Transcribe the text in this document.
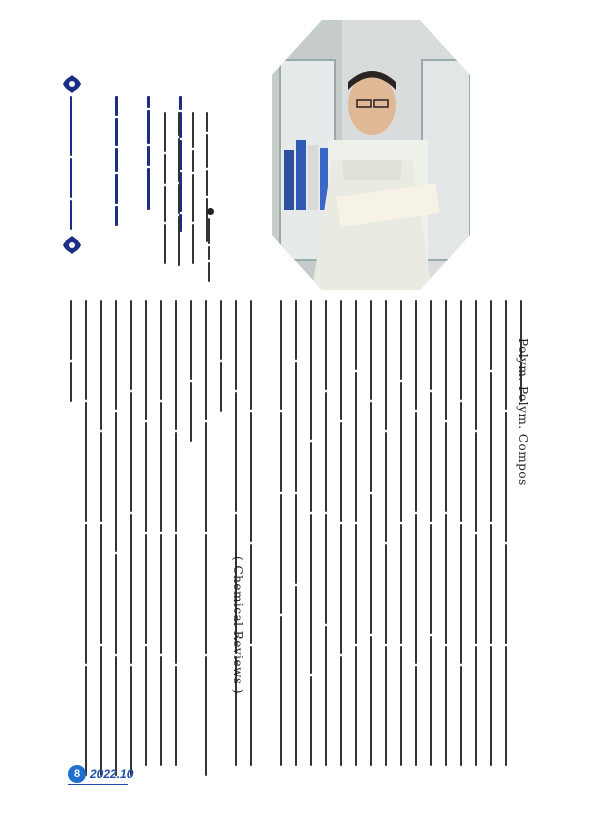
Polym. Polym. Compos
( Chemical Reviews )
8 2022.10
